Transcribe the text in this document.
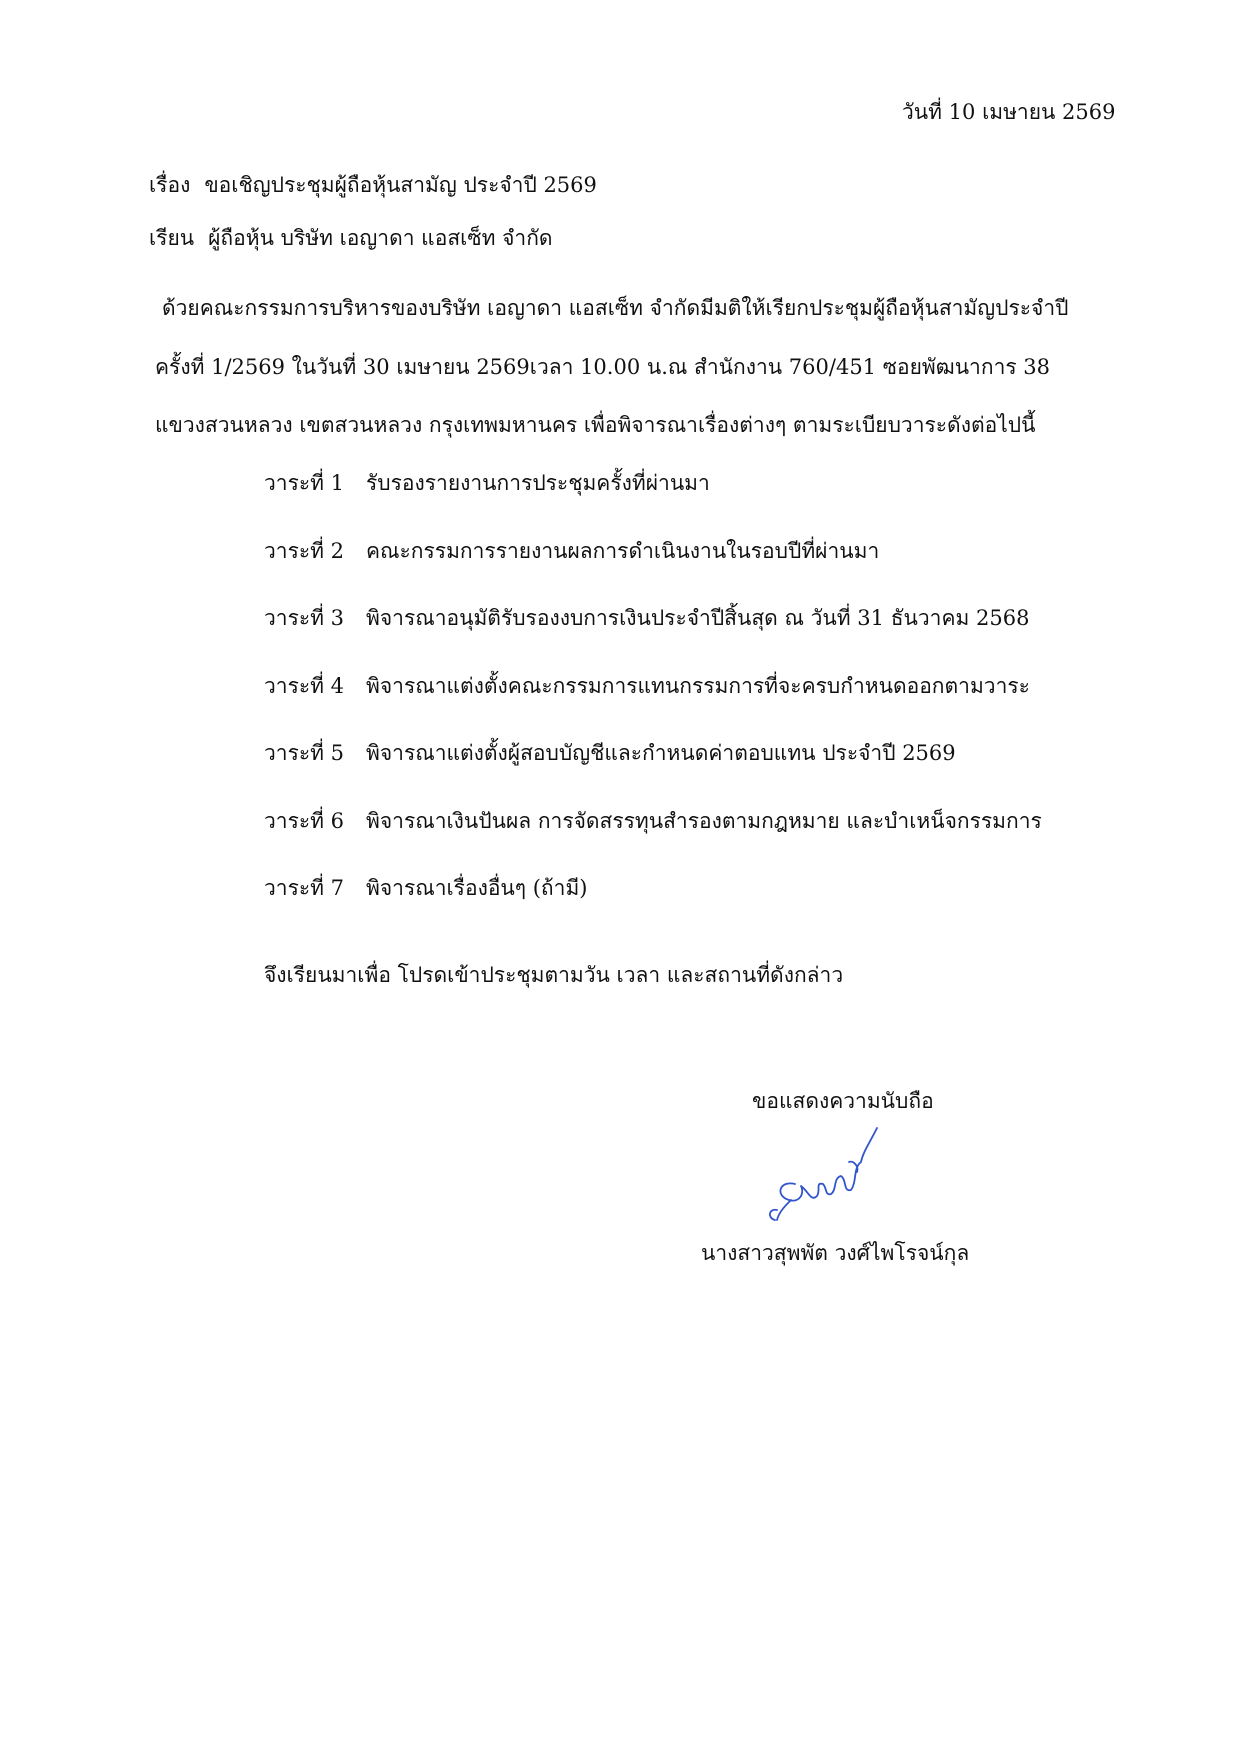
วันที่ 10 เมษายน 2569
เรื่อง ขอเชิญประชุมผู้ถือหุ้นสามัญ ประจำปี 2569
เรียน ผู้ถือหุ้น บริษัท เอญาดา แอสเซ็ท จำกัด
ด้วยคณะกรรมการบริหารของบริษัท เอญาดา แอสเซ็ท จำกัดมีมติให้เรียกประชุมผู้ถือหุ้นสามัญประจำปี
ครั้งที่ 1/2569 ในวันที่ 30 เมษายน 2569เวลา 10.00 น.ณ สำนักงาน 760/451 ซอยพัฒนาการ 38
แขวงสวนหลวง เขตสวนหลวง กรุงเทพมหานคร เพื่อพิจารณาเรื่องต่างๆ ตามระเบียบวาระดังต่อไปนี้
วาระที่ 1 รับรองรายงานการประชุมครั้งที่ผ่านมา
วาระที่ 2 คณะกรรมการรายงานผลการดำเนินงานในรอบปีที่ผ่านมา
วาระที่ 3 พิจารณาอนุมัติรับรองงบการเงินประจำปีสิ้นสุด ณ วันที่ 31 ธันวาคม 2568
วาระที่ 4 พิจารณาแต่งตั้งคณะกรรมการแทนกรรมการที่จะครบกำหนดออกตามวาระ
วาระที่ 5 พิจารณาแต่งตั้งผู้สอบบัญชีและกำหนดค่าตอบแทน ประจำปี 2569
วาระที่ 6 พิจารณาเงินปันผล การจัดสรรทุนสำรองตามกฎหมาย และบำเหน็จกรรมการ
วาระที่ 7 พิจารณาเรื่องอื่นๆ (ถ้ามี)
จึงเรียนมาเพื่อ โปรดเข้าประชุมตามวัน เวลา และสถานที่ดังกล่าว
ขอแสดงความนับถือ
นางสาวสุพพัต วงศ์ไพโรจน์กุล
